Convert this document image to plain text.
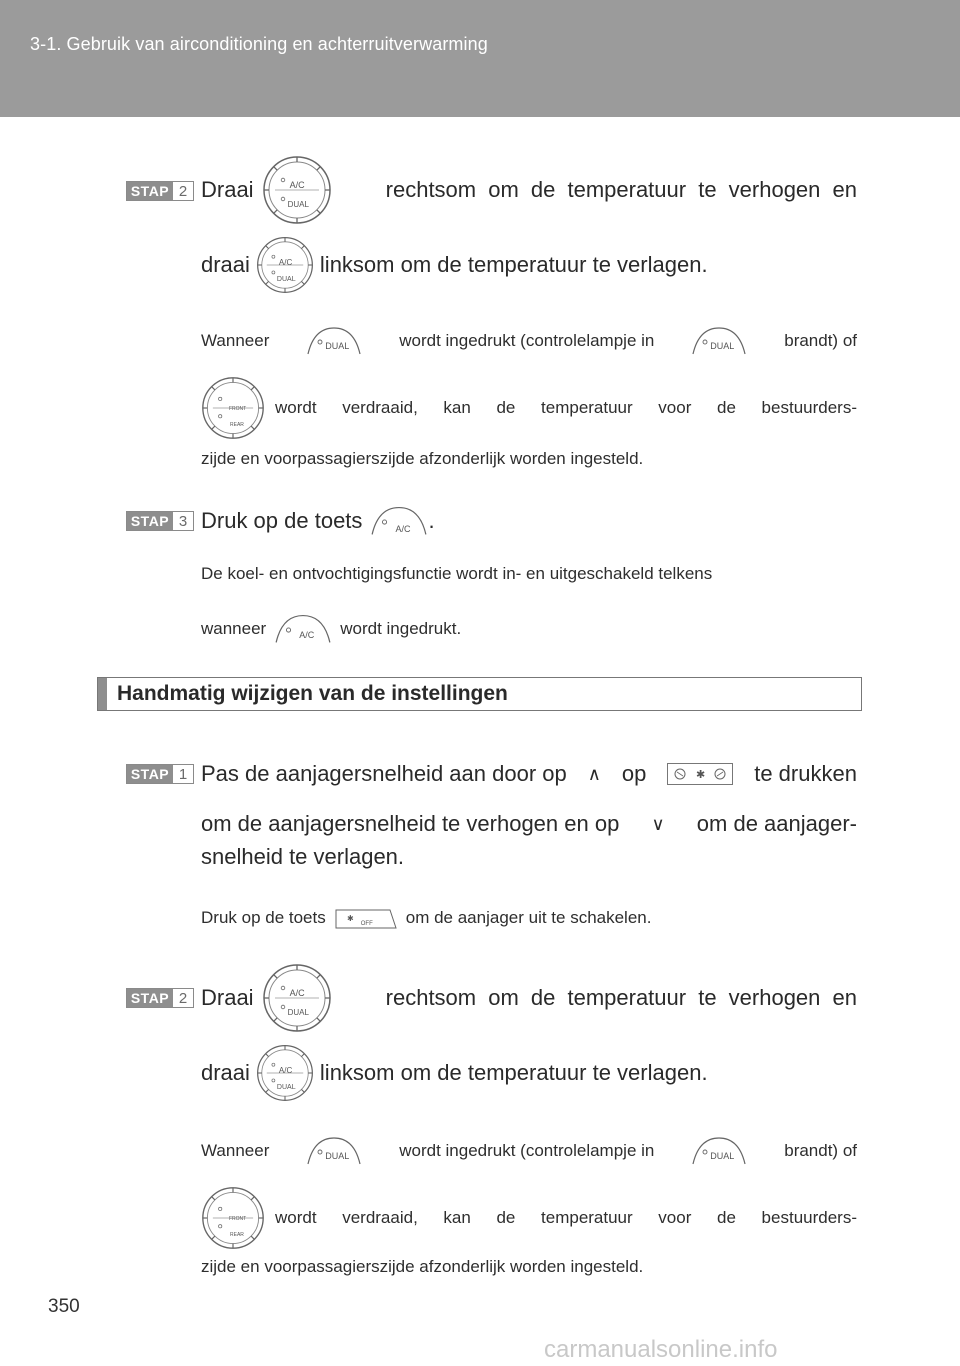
3-1. Gebruik van airconditioning en achterruitverwarming
STAP 2 Draai	A/C
DUAL
rechtsom om de temperatuur te verhogen en
draai	A/C
DUAL
linksom om de temperatuur te verlagen.
Wanneer	DUAL	wordt ingedrukt (controlelampje in	DUAL	brandt) of
FRONT
REAR
wordt verdraaid, kan de temperatuur voor de bestuurders-
zijde en voorpassagierszijde afzonderlijk worden ingesteld.
STAP 3 Druk op de toets	A/C .
De koel- en ontvochtigingsfunctie wordt in- en uitgeschakeld telkens
wanneer	A/C wordt ingedrukt.
Handmatig wijzigen van de instellingen
STAP 1 Pas de aanjagersnelheid aan door op ∧ op	✱ te drukken
om de aanjagersnelheid te verhogen en op ∨ om de aanjager-
snelheid te verlagen.
Druk op de toets	✱
OFF om de aanjager uit te schakelen.
STAP 2 Draai	A/C
DUAL
rechtsom om de temperatuur te verhogen en
draai	A/C
DUAL
linksom om de temperatuur te verlagen.
Wanneer	DUAL	wordt ingedrukt (controlelampje in	DUAL	brandt) of
FRONT
REAR
wordt verdraaid, kan de temperatuur voor de bestuurders-
zijde en voorpassagierszijde afzonderlijk worden ingesteld.
350
carmanualsonline.info
